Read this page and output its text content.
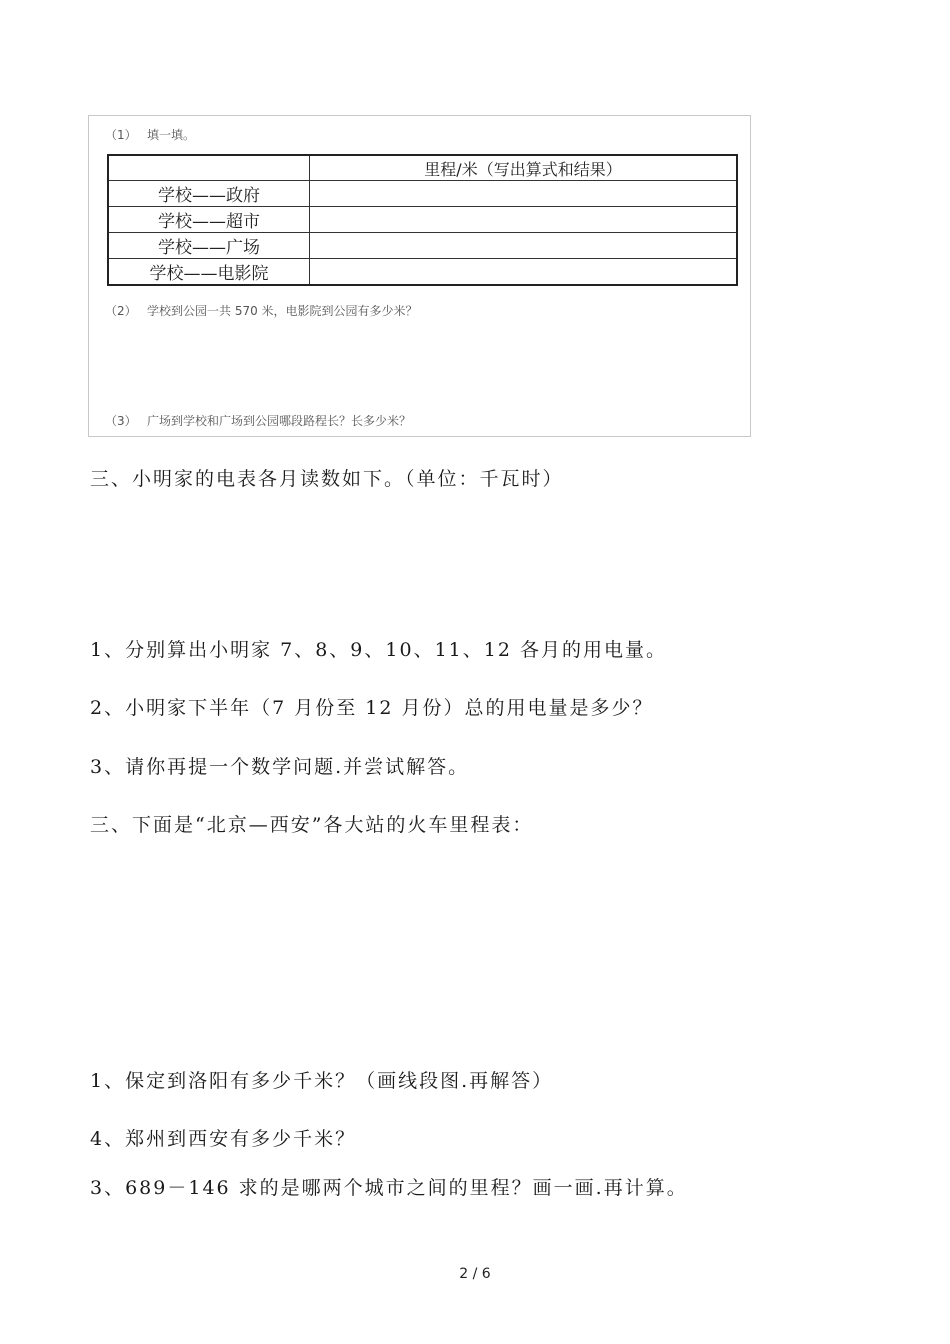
（1） 填一填。
	里程/米（写出算式和结果）
学校——政府	
学校——超市	
学校——广场	
学校——电影院	
（2） 学校到公园一共 570 米，电影院到公园有多少米？
（3） 广场到学校和广场到公园哪段路程长？长多少米？
三、小明家的电表各月读数如下。（单位：千瓦时）
1、分别算出小明家 7、8、9、10、11、12 各月的用电量。
2、小明家下半年（7 月份至 12 月份）总的用电量是多少？
3、请你再提一个数学问题.并尝试解答。
三、下面是“北京—西安”各大站的火车里程表：
1、保定到洛阳有多少千米？（画线段图.再解答）
4、郑州到西安有多少千米？
3、689－146 求的是哪两个城市之间的里程？画一画.再计算。
2 / 6
